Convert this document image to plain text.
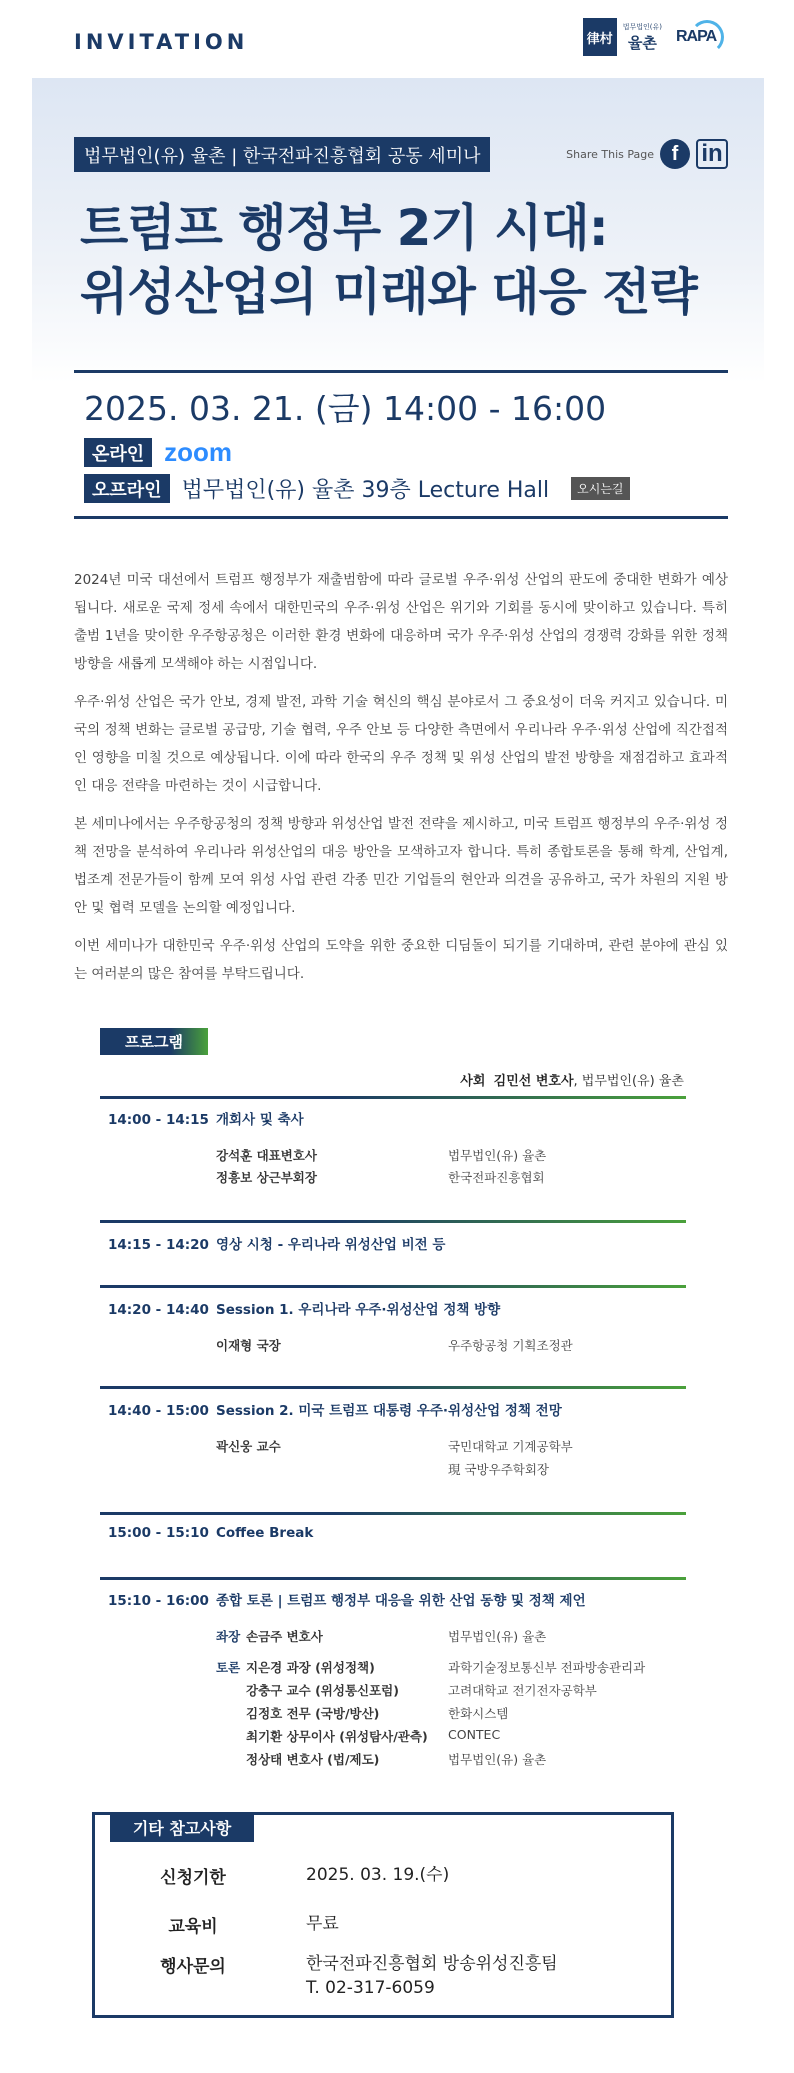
INVITATION	律村
법무법인(유)
율촌 RAPA
법무법인(유) 율촌 | 한국전파진흥협회 공동 세미나	Share This Page f in
트럼프 행정부 2기 시대:
위성산업의 미래와 대응 전략
2025. 03. 21. (금) 14:00 - 16:00
온라인 zoom
오프라인 법무법인(유) 율촌 39층 Lecture Hall	오시는길

2024년 미국 대선에서 트럼프 행정부가 재출범함에 따라 글로벌 우주·위성 산업의 판도에 중대한 변화가 예상됩니다. 새로운 국제 정세 속에서 대한민국의 우주·위성 산업은 위기와 기회를 동시에 맞이하고 있습니다. 특히 출범 1년을 맞이한 우주항공청은 이러한 환경 변화에 대응하며 국가 우주·위성 산업의 경쟁력 강화를 위한 정책 방향을 새롭게 모색해야 하는 시점입니다.

우주·위성 산업은 국가 안보, 경제 발전, 과학 기술 혁신의 핵심 분야로서 그 중요성이 더욱 커지고 있습니다. 미국의 정책 변화는 글로벌 공급망, 기술 협력, 우주 안보 등 다양한 측면에서 우리나라 우주·위성 산업에 직간접적인 영향을 미칠 것으로 예상됩니다. 이에 따라 한국의 우주 정책 및 위성 산업의 발전 방향을 재점검하고 효과적인 대응 전략을 마련하는 것이 시급합니다.

본 세미나에서는 우주항공청의 정책 방향과 위성산업 발전 전략을 제시하고, 미국 트럼프 행정부의 우주·위성 정책 전망을 분석하여 우리나라 위성산업의 대응 방안을 모색하고자 합니다. 특히 종합토론을 통해 학계, 산업계, 법조계 전문가들이 함께 모여 위성 사업 관련 각종 민간 기업들의 현안과 의견을 공유하고, 국가 차원의 지원 방안 및 협력 모델을 논의할 예정입니다.

이번 세미나가 대한민국 우주·위성 산업의 도약을 위한 중요한 디딤돌이 되기를 기대하며, 관련 분야에 관심 있는 여러분의 많은 참여를 부탁드립니다.

프로그램
사회 김민선 변호사, 법무법인(유) 율촌
14:00 - 14:15 개회사 및 축사
강석훈 대표변호사	법무법인(유) 율촌
정흥보 상근부회장	한국전파진흥협회
14:15 - 14:20 영상 시청 - 우리나라 위성산업 비전 등
14:20 - 14:40 Session 1. 우리나라 우주·위성산업 정책 방향
이재형 국장	우주항공청 기획조정관
14:40 - 15:00 Session 2. 미국 트럼프 대통령 우주·위성산업 정책 전망
곽신웅 교수	국민대학교 기계공학부
現 국방우주학회장
15:00 - 15:10 Coffee Break
15:10 - 16:00 종합 토론 | 트럼프 행정부 대응을 위한 산업 동향 및 정책 제언
좌장 손금주 변호사	법무법인(유) 율촌
토론 지은경 과장 (위성정책)	과학기술정보통신부 전파방송관리과
강충구 교수 (위성통신포럼)	고려대학교 전기전자공학부
김정호 전무 (국방/방산)	한화시스템
최기환 상무이사 (위성탐사/관측) CONTEC
정상태 변호사 (법/제도)	법무법인(유) 율촌
기타 참고사항
신청기한	2025. 03. 19.(수)
교육비	무료
행사문의	한국전파진흥협회 방송위성진흥팀
T. 02-317-6059
